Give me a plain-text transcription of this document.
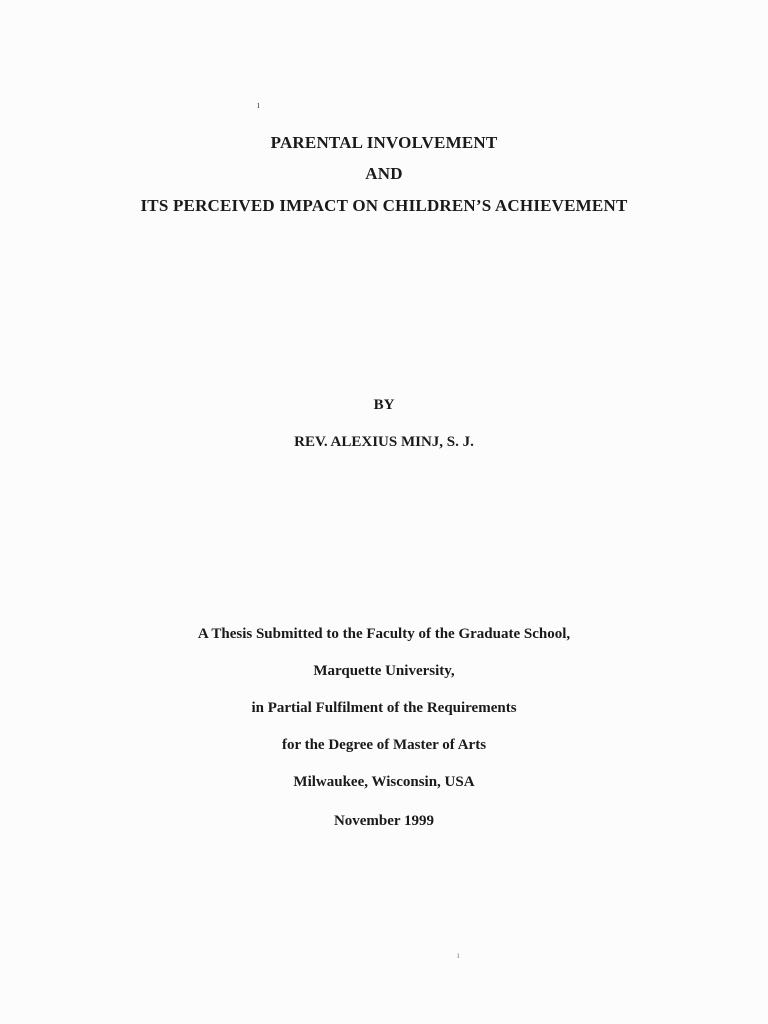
ı
PARENTAL INVOLVEMENT
AND
ITS PERCEIVED IMPACT ON CHILDREN’S ACHIEVEMENT
BY
REV. ALEXIUS MINJ, S. J.
A Thesis Submitted to the Faculty of the Graduate School,
Marquette University,
in Partial Fulfilment of the Requirements
for the Degree of Master of Arts
Milwaukee, Wisconsin, USA
November 1999
ı
